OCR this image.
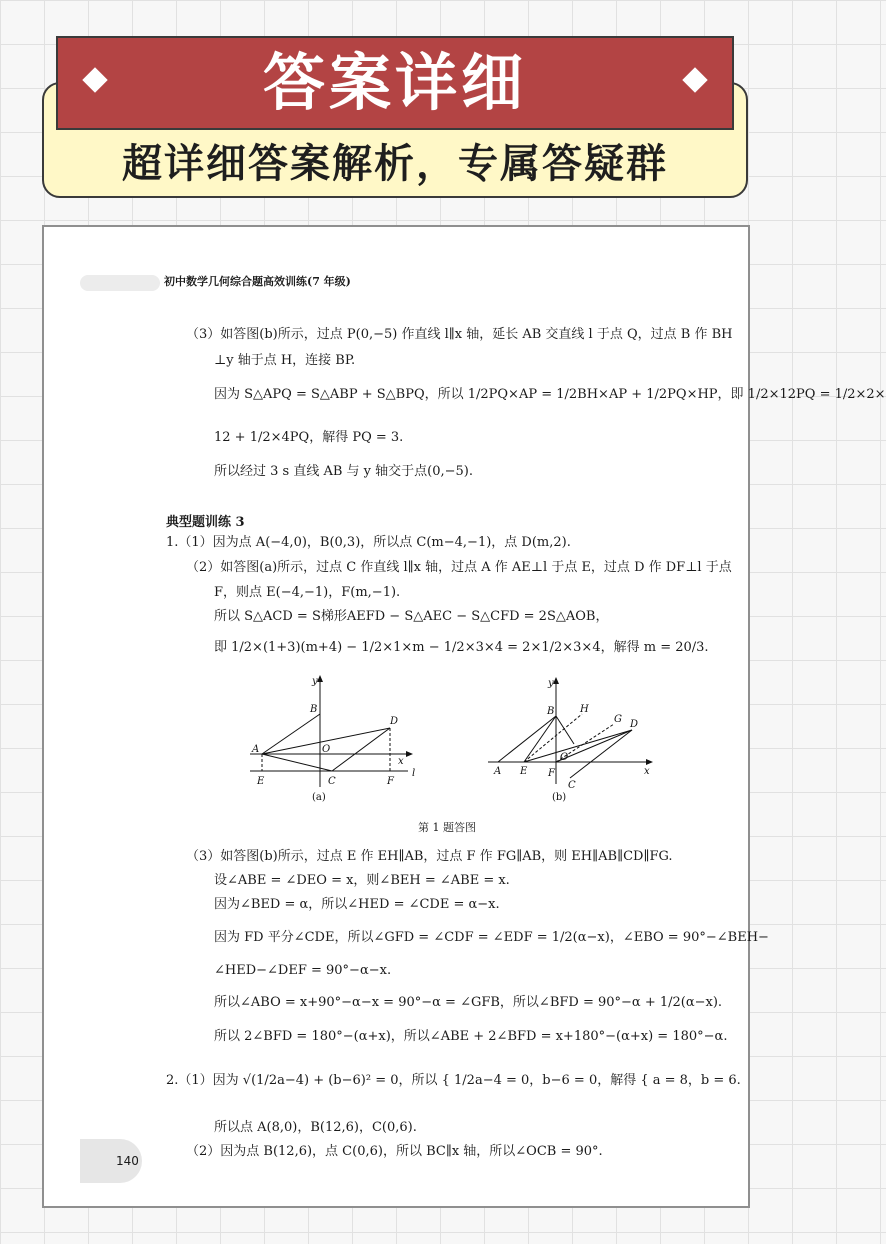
答案详细
超详细答案解析，专属答疑群
初中数学几何综合题高效训练(7 年级)
（3）如答图(b)所示，过点 P(0,−5) 作直线 l∥x 轴，延长 AB 交直线 l 于点 Q，过点 B 作 BH
⊥y 轴于点 H，连接 BP.
因为 S△APQ = S△ABP + S△BPQ，所以 1/2PQ×AP = 1/2BH×AP + 1/2PQ×HP，即 1/2×12PQ = 1/2×2×
12 + 1/2×4PQ，解得 PQ = 3.
所以经过 3 s 直线 AB 与 y 轴交于点(0,−5).
典型题训练 3
1.（1）因为点 A(−4,0)，B(0,3)，所以点 C(m−4,−1)，点 D(m,2).
（2）如答图(a)所示，过点 C 作直线 l∥x 轴，过点 A 作 AE⊥l 于点 E，过点 D 作 DF⊥l 于点
F，则点 E(−4,−1)，F(m,−1).
所以 S△ACD = S梯形AEFD − S△AEC − S△CFD = 2S△AOB，
即 1/2×(1+3)(m+4) − 1/2×1×m − 1/2×3×4 = 2×1/2×3×4，解得 m = 20/3.
y
B
D
A	O
x
E	C	F
l
(a)
y
B	H
G D
O
A E F
C
x
(b)
第 1 题答图
（3）如答图(b)所示，过点 E 作 EH∥AB，过点 F 作 FG∥AB，则 EH∥AB∥CD∥FG.
设∠ABE = ∠DEO = x，则∠BEH = ∠ABE = x.
因为∠BED = α，所以∠HED = ∠CDE = α−x.
因为 FD 平分∠CDE，所以∠GFD = ∠CDF = ∠EDF = 1/2(α−x)，∠EBO = 90°−∠BEH−
∠HED−∠DEF = 90°−α−x.
所以∠ABO = x+90°−α−x = 90°−α = ∠GFB，所以∠BFD = 90°−α + 1/2(α−x).
所以 2∠BFD = 180°−(α+x)，所以∠ABE + 2∠BFD = x+180°−(α+x) = 180°−α.
2.（1）因为 √(1/2a−4) + (b−6)² = 0，所以 { 1/2a−4 = 0，b−6 = 0，解得 { a = 8，b = 6.
所以点 A(8,0)，B(12,6)，C(0,6).
（2）因为点 B(12,6)，点 C(0,6)，所以 BC∥x 轴，所以∠OCB = 90°.
140
